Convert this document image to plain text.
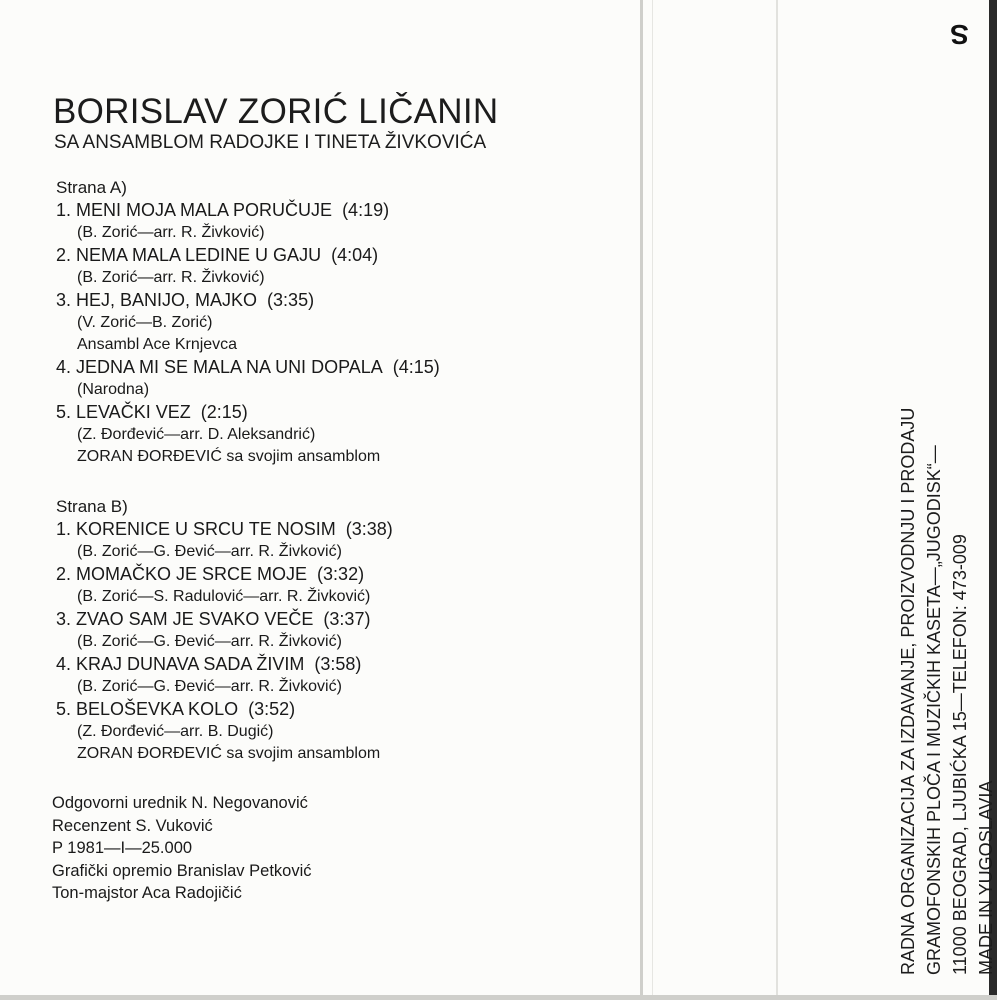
BORISLAV ZORIĆ LIČANIN
SA ANSAMBLOM RADOJKE I TINETA ŽIVKOVIĆA
Strana A)
1. MENI MOJA MALA PORUČUJE (4:19)
(B. Zorić—arr. R. Živković)
2. NEMA MALA LEDINE U GAJU (4:04)
(B. Zorić—arr. R. Živković)
3. HEJ, BANIJO, MAJKO (3:35)
(V. Zorić—B. Zorić)
Ansambl Ace Krnjevca
4. JEDNA MI SE MALA NA UNI DOPALA (4:15)
(Narodna)
5. LEVAČKI VEZ (2:15)
(Z. Đorđević—arr. D. Aleksandrić)
ZORAN ĐORĐEVIĆ sa svojim ansamblom
Strana B)
1. KORENICE U SRCU TE NOSIM (3:38)
(B. Zorić—G. Đević—arr. R. Živković)
2. MOMAČKO JE SRCE MOJE (3:32)
(B. Zorić—S. Radulović—arr. R. Živković)
3. ZVAO SAM JE SVAKO VEČE (3:37)
(B. Zorić—G. Đević—arr. R. Živković)
4. KRAJ DUNAVA SADA ŽIVIM (3:58)
(B. Zorić—G. Đević—arr. R. Živković)
5. BELOŠEVKA KOLO (3:52)
(Z. Đorđević—arr. B. Dugić)
ZORAN ĐORĐEVIĆ sa svojim ansamblom
Odgovorni urednik N. Negovanović
Recenzent S. Vuković
P 1981—I—25.000
Grafički opremio Branislav Petković
Ton-majstor Aca Radojičić	RADNA ORGANIZACIJA ZA IZDAVANJE, PROIZVODNJU I PRODAJU GRAMOFONSKIH PLOČA I MUZIČKIH KASETA—„JUGODISK“— 11000 BEOGRAD, LJUBIĆKA 15—TELEFON: 473-009 MADE IN YUGOSLAVIA
S
